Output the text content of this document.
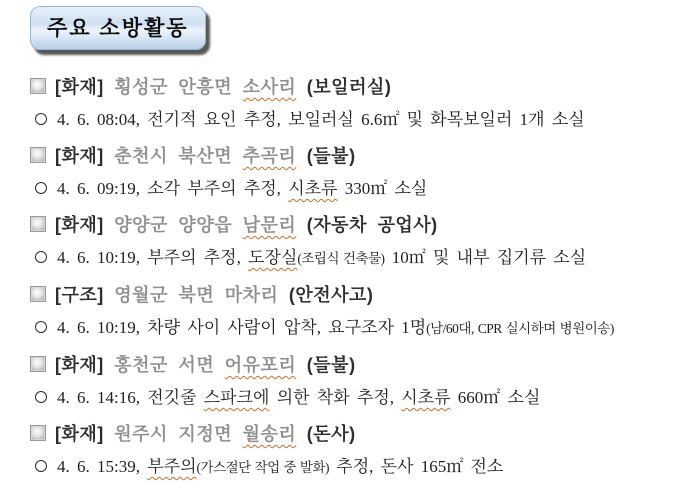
주요 소방활동
[화재] 횡성군 안흥면 소사리 (보일러실)
4. 6. 08:04, 전기적 요인 추정, 보일러실 6.6㎡ 및 화목보일러 1개 소실
[화재] 춘천시 북산면 추곡리 (들불)
4. 6. 09:19, 소각 부주의 추정, 시초류 330㎡ 소실
[화재] 양양군 양양읍 남문리 (자동차 공업사)
4. 6. 10:19, 부주의 추정, 도장실(조립식 건축물) 10㎡ 및 내부 집기류 소실
[구조] 영월군 북면 마차리 (안전사고)
4. 6. 10:19, 차량 사이 사람이 압착, 요구조자 1명(남/60대, CPR 실시하며 병원이송)
[화재] 홍천군 서면 어유포리 (들불)
4. 6. 14:16, 전깃줄 스파크에 의한 착화 추정, 시초류 660㎡ 소실
[화재] 원주시 지정면 월송리 (돈사)
4. 6. 15:39, 부주의(가스절단 작업 중 발화) 추정, 돈사 165㎡ 전소
